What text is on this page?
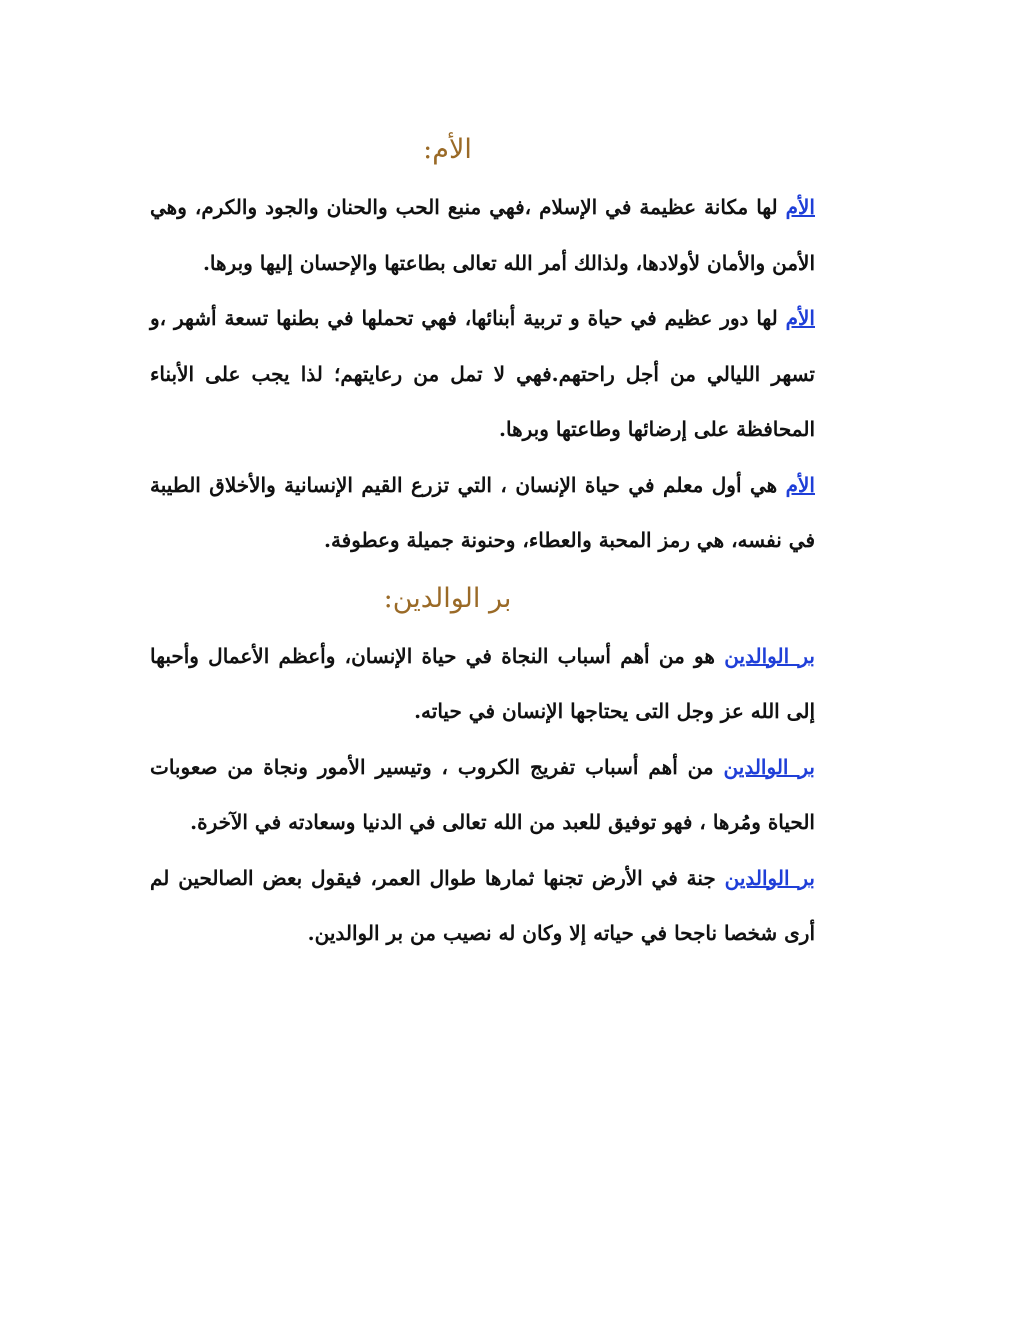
الأم:

الأم لها مكانة عظيمة في الإسلام ،فهي منبع الحب والحنان والجود والكرم، وهي الأمن والأمان لأولادها، ولذالك أمر الله تعالى بطاعتها والإحسان إليها وبرها.

الأم لها دور عظيم في حياة و تربية أبنائها، فهي تحملها في بطنها تسعة أشهر ،و تسهر الليالي من أجل راحتهم.فهي لا تمل من رعايتهم؛ لذا يجب على الأبناء المحافظة على إرضائها وطاعتها وبرها.

الأم هي أول معلم في حياة الإنسان ، التي تزرع القيم الإنسانية والأخلاق الطيبة في نفسه، هي رمز المحبة والعطاء، وحنونة جميلة وعطوفة.

بر الوالدين:

بر الوالدين هو من أهم أسباب النجاة في حياة الإنسان، وأعظم الأعمال وأحبها إلى الله عز وجل التى يحتاجها الإنسان في حياته.

بر الوالدين من أهم أسباب تفريج الكروب ، وتيسير الأمور ونجاة من صعوبات الحياة ومُرها ، فهو توفيق للعبد من الله تعالى في الدنيا وسعادته في الآخرة.

بر الوالدين جنة في الأرض تجنها ثمارها طوال العمر، فيقول بعض الصالحين لم أرى شخصا ناجحا في حياته إلا وكان له نصيب من بر الوالدين.
